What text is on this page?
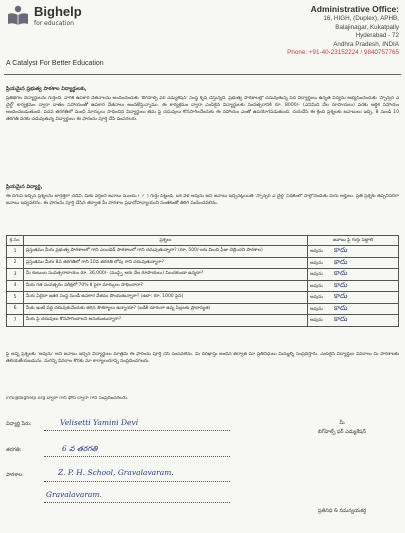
Bighelp
for education
A Catalyst For Better Education
Administrative Office:
16, HIGH, (Duplex), APHB,
Balajinagar, Kukatpally
Hyderabad - 72
Andhra Pradesh, INDIA
Phone: +91-40-23152224 / 9840757765
ప్రియమైన ప్రభుత్వ పాఠశాల విద్యార్థులకు,
ప్రతిభగల విద్యార్థులను గుర్తించి, వారికి ఉపకార వేతనాలను అందించేందుకు 'బిగ్‌హెల్ప్ ఫర్ ఎడ్యుకేషన్' సంస్థ కృషి చేస్తున్నది. ప్రభుత్వ పాఠశాలల్లో చదువుతున్న పేద విద్యార్థులు ఉన్నత విద్యను అభ్యసించేందుకు 'స్పాన్సర్ ఎ చైల్డ్' కార్యక్రమం ద్వారా దాతల సహాయంతో ఉపకార వేతనాలు అందజేస్తున్నాము. ఈ కార్యక్రమం ద్వారా ఎంపికైన విద్యార్థులకు సంవత్సరానికి రూ. 8000/- (ఎనిమిది వేల రూపాయలు) వరకు ఆర్థిక సహాయం అందించబడుతుంది. పదవ తరగతిలో మంచి మార్కులు సాధించిన విద్యార్థులు తమ పై చదువులు కొనసాగించేందుకు ఈ సహాయం ఎంతో ఉపయోగపడుతుంది. దయచేసి ఈ క్రింది ప్రశ్నలకు జవాబులు ఇచ్చి, 8 నుండి 10 తరగతి వరకు చదువుతున్న విద్యార్థులు ఈ ఫారంను పూర్తి చేసి పంపగలరు.
ప్రియమైన విద్యార్థి,
ఈ దిగువ ఇచ్చిన ప్రశ్నలను జాగ్రత్తగా చదివి, మీకు వర్తించే జవాబు ముందు ( ✓ ) గుర్తు పెట్టండి. ఒక వేళ అవును అని జవాబు ఇచ్చినట్లయితే 'స్పాన్సర్ ఎ చైల్డ్' పథకంలో పాల్గొనేందుకు మీరు అర్హులు. ప్రతి ప్రశ్నకు తప్పనిసరిగా జవాబు ఇవ్వవలెను. ఈ ఫారంను పూర్తి చేసిన తర్వాత మీ పాఠశాల ప్రధానోపాధ్యాయుని సంతకంతో తిరిగి పంపించవలెను.
క్ర.సం.	ప్రశ్నలు	జవాబు పై గుర్తు పెట్టాలి
1	ప్రస్తుతము మీరు ప్రభుత్వ పాఠశాలలో గాని ఎయిడెడ్ పాఠశాలలో గాని చదువుతున్నారా? (రూ. 500/-లకు మించి ఫీజు చెల్లించని పాఠశాల)	అవును కాదు
2	ప్రస్తుతము మీరు 8వ తరగతిలో గాని 10వ తరగతి లోపు గాని చదువుతున్నారా?	అవును కాదు
3	మీ కుటుంబ సంవత్సరాదాయం రూ. 36,000/- (ముప్పై ఆరు వేల రూపాయలు) మించకుండా ఉన్నదా?	అవును కాదు
4	మీరు గత సంవత్సరం పరీక్షలో 70% కి పైగా మార్కులు సాధించారా?	అవును కాదు
5	మీరు ఏదైనా ఇతర సంస్థ నుండి ఉపకార వేతనం పొందుతున్నారా? (ఉదా: రూ. 1000 పైన)	అవును కాదు
6	మీకు ఇంటి వద్ద చదువుకునేందుకు తగిన సౌకర్యాలు ఉన్నాయా? (బడికి దూరంగా ఉన్న పిల్లలకు ప్రాధాన్యత)	అవును కాదు
7	మీరు పై చదువులు కొనసాగించాలని అనుకుంటున్నారా?	అవును కాదు
పై అన్ని ప్రశ్నలకు 'అవును' అని జవాబు ఇచ్చిన విద్యార్థులు మాత్రమే ఈ ఫారంను పూర్తి చేసి పంపవలెను. మీ దరఖాస్తు అందిన తర్వాత మా ప్రతినిధులు మిమ్మల్ని సంప్రదిస్తారు. ఎంపికైన విద్యార్థుల వివరాలు మీ పాఠశాలకు తెలియజేయబడును. మరిన్ని వివరాల కొరకు మా కార్యాలయాన్ని సంప్రదించగలరు.
info@bighelp.org ద్వారా గాని ఫోన్ ద్వారా గాని సంప్రదించగలరు.
విద్యార్థి పేరు:	Velisetti Yamini Devi	మీ
బిగ్‌హెల్ప్ ఫర్ ఎడ్యుకేషన్
తరగతి:	6 వ తరగతి
పాఠశాల:	Z. P. H. School, Gravalavaram.
Gravalavaram.
ప్రతినిధి & సమన్వయకర్త
